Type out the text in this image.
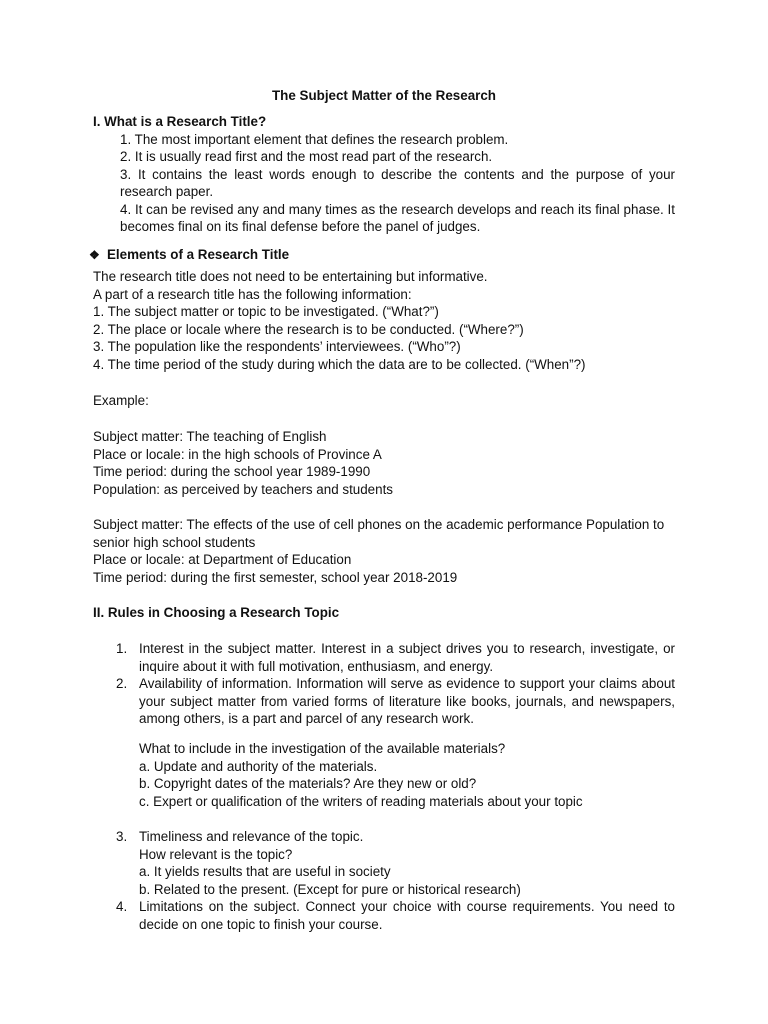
The Subject Matter of the Research
I. What is a Research Title?
1. The most important element that defines the research problem.
2. It is usually read first and the most read part of the research.
3. It contains the least words enough to describe the contents and the purpose of your research paper.
4. It can be revised any and many times as the research develops and reach its final phase. It becomes final on its final defense before the panel of judges.
❖ Elements of a Research Title

The research title does not need to be entertaining but informative.

A part of a research title has the following information:

1. The subject matter or topic to be investigated. (“What?”)

2. The place or locale where the research is to be conducted. (“Where?”)

3. The population like the respondents’ interviewees. (“Who”?)

4. The time period of the study during which the data are to be collected. (“When”?)

Example:

Subject matter: The teaching of English

Place or locale: in the high schools of Province A

Time period: during the school year 1989-1990

Population: as perceived by teachers and students

Subject matter: The effects of the use of cell phones on the academic performance Population to senior high school students

Place or locale: at Department of Education

Time period: during the first semester, school year 2018-2019

II. Rules in Choosing a Research Topic
1. Interest in the subject matter. Interest in a subject drives you to research, investigate, or inquire about it with full motivation, enthusiasm, and energy.
2. Availability of information. Information will serve as evidence to support your claims about your subject matter from varied forms of literature like books, journals, and newspapers, among others, is a part and parcel of any research work.

What to include in the investigation of the available materials?

a. Update and authority of the materials.

b. Copyright dates of the materials? Are they new or old?

c. Expert or qualification of the writers of reading materials about your topic

3. Timeliness and relevance of the topic.

How relevant is the topic?

a. It yields results that are useful in society

b. Related to the present. (Except for pure or historical research)

4. Limitations on the subject. Connect your choice with course requirements. You need to decide on one topic to finish your course.
